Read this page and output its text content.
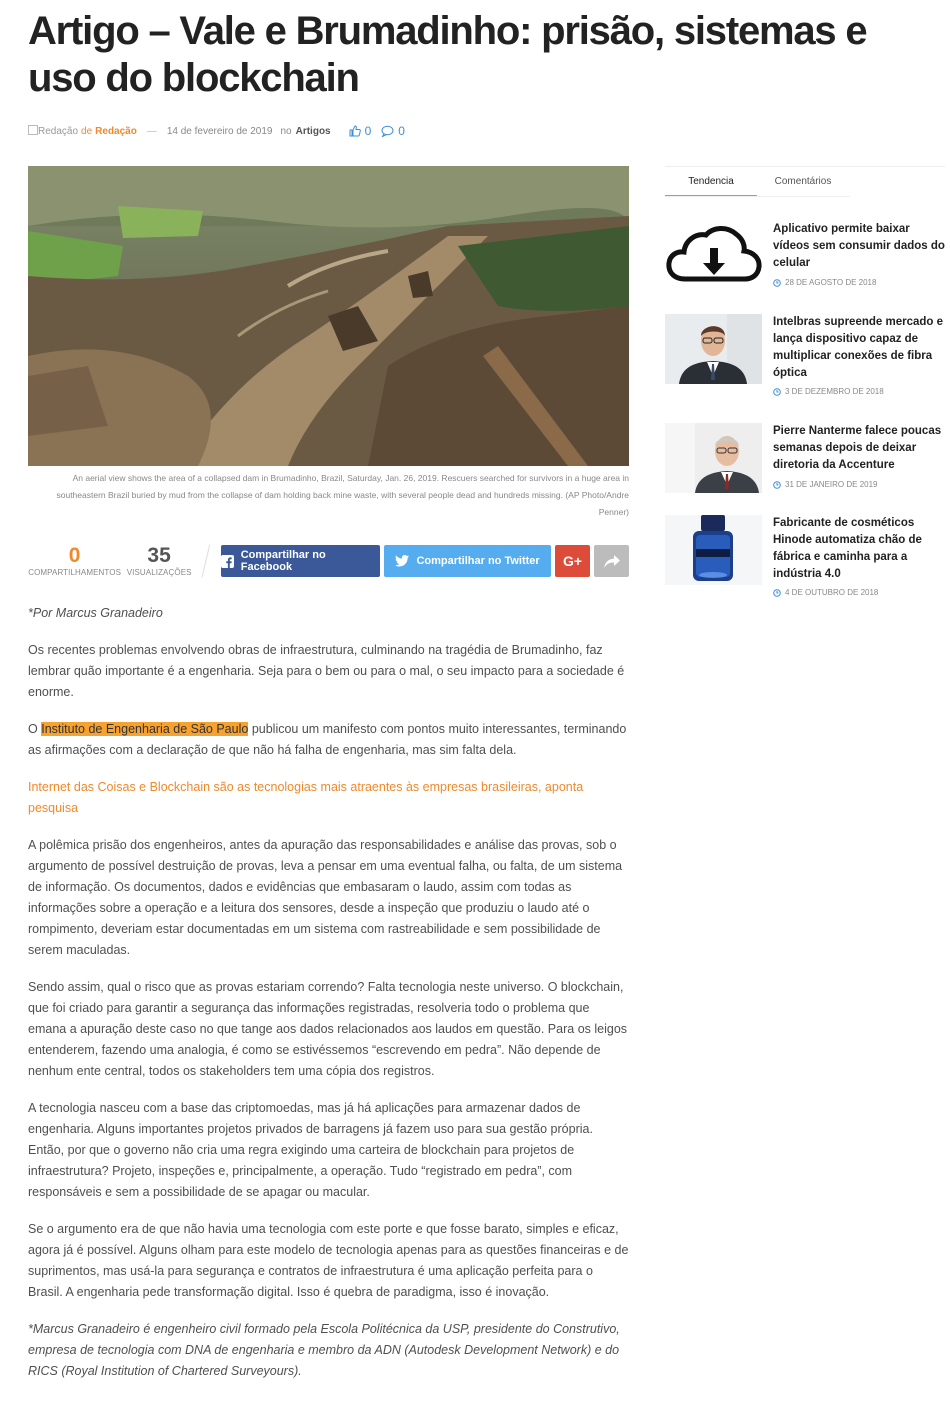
Artigo – Vale e Brumadinho: prisão, sistemas e uso do blockchain
Redação de Redação — 14 de fevereiro de 2019 no Artigos	0 0
An aerial view shows the area of a collapsed dam in Brumadinho, Brazil, Saturday, Jan. 26, 2019. Rescuers searched for survivors in a huge area in southeastern Brazil buried by mud from the collapse of dam holding back mine waste, with several people dead and hundreds missing. (AP Photo/Andre Penner)
0
COMPARTILHAMENTOS
35
VISUALIZAÇÕES
Compartilhar no Facebook	Compartilhar no Twitter	G+

*Por Marcus Granadeiro

Os recentes problemas envolvendo obras de infraestrutura, culminando na tragédia de Brumadinho, faz lembrar quão importante é a engenharia. Seja para o bem ou para o mal, o seu impacto para a sociedade é enorme.

O Instituto de Engenharia de São Paulo publicou um manifesto com pontos muito interessantes, terminando as afirmações com a declaração de que não há falha de engenharia, mas sim falta dela.

Internet das Coisas e Blockchain são as tecnologias mais atraentes às empresas brasileiras, aponta pesquisa

A polêmica prisão dos engenheiros, antes da apuração das responsabilidades e análise das provas, sob o argumento de possível destruição de provas, leva a pensar em uma eventual falha, ou falta, de um sistema de informação. Os documentos, dados e evidências que embasaram o laudo, assim com todas as informações sobre a operação e a leitura dos sensores, desde a inspeção que produziu o laudo até o rompimento, deveriam estar documentadas em um sistema com rastreabilidade e sem possibilidade de serem maculadas.

Sendo assim, qual o risco que as provas estariam correndo? Falta tecnologia neste universo. O blockchain, que foi criado para garantir a segurança das informações registradas, resolveria todo o problema que emana a apuração deste caso no que tange aos dados relacionados aos laudos em questão. Para os leigos entenderem, fazendo uma analogia, é como se estivéssemos “escrevendo em pedra”. Não depende de nenhum ente central, todos os stakeholders tem uma cópia dos registros.

A tecnologia nasceu com a base das criptomoedas, mas já há aplicações para armazenar dados de engenharia. Alguns importantes projetos privados de barragens já fazem uso para sua gestão própria. Então, por que o governo não cria uma regra exigindo uma carteira de blockchain para projetos de infraestrutura? Projeto, inspeções e, principalmente, a operação. Tudo “registrado em pedra”, com responsáveis e sem a possibilidade de se apagar ou macular.

Se o argumento era de que não havia uma tecnologia com este porte e que fosse barato, simples e eficaz, agora já é possível. Alguns olham para este modelo de tecnologia apenas para as questões financeiras e de suprimentos, mas usá-la para segurança e contratos de infraestrutura é uma aplicação perfeita para o Brasil. A engenharia pede transformação digital. Isso é quebra de paradigma, isso é inovação.

*Marcus Granadeiro é engenheiro civil formado pela Escola Politécnica da USP, presidente do Construtivo, empresa de tecnologia com DNA de engenharia e membro da ADN (Autodesk Development Network) e do RICS (Royal Institution of Chartered Surveyours).

Tendencia	Comentários
Aplicativo permite baixar vídeos sem consumir dados do celular
28 DE AGOSTO DE 2018
Intelbras supreende mercado e lança dispositivo capaz de multiplicar conexões de fibra óptica
3 DE DEZEMBRO DE 2018
Pierre Nanterme falece poucas semanas depois de deixar diretoria da Accenture
31 DE JANEIRO DE 2019
Fabricante de cosméticos Hinode automatiza chão de fábrica e caminha para a indústria 4.0
4 DE OUTUBRO DE 2018
